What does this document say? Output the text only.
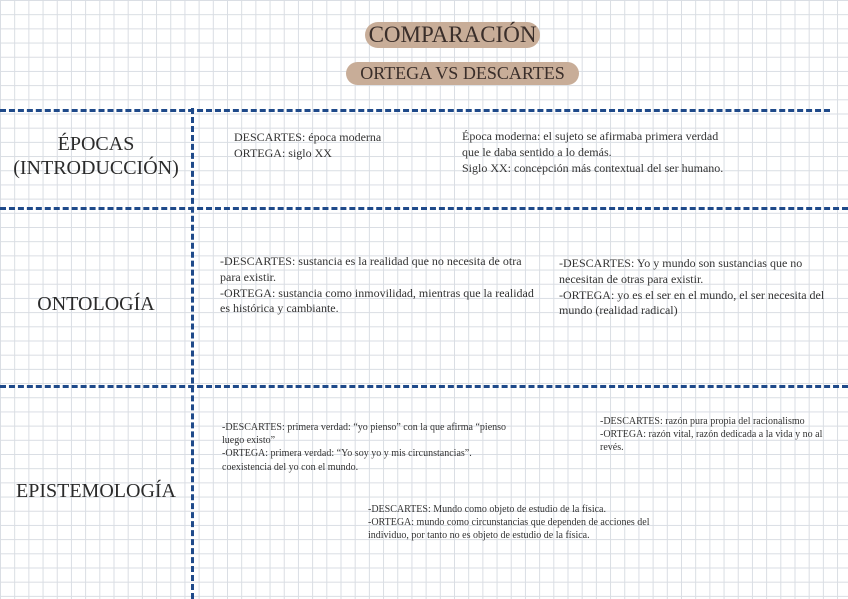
COMPARACIÓN
ORTEGA VS DESCARTES
ÉPOCAS
(INTRODUCCIÓN)
DESCARTES: época moderna
ORTEGA: siglo XX
Época moderna: el sujeto se afirmaba primera verdad
que le daba sentido a lo demás.
Siglo XX: concepción más contextual del ser humano.
ONTOLOGÍA
-DESCARTES: sustancia es la realidad que no necesita de otra
para existir.
-ORTEGA: sustancia como inmovilidad, mientras que la realidad
es histórica y cambiante.
-DESCARTES: Yo y mundo son sustancias que no
necesitan de otras para existir.
-ORTEGA: yo es el ser en el mundo, el ser necesita del
mundo (realidad radical)
EPISTEMOLOGÍA
-DESCARTES: primera verdad: “yo pienso” con la que afirma “pienso
luego existo”
-ORTEGA: primera verdad: “Yo soy yo y mis circunstancias”.
coexistencia del yo con el mundo.
-DESCARTES: razón pura propia del racionalismo
-ORTEGA: razón vital, razón dedicada a la vida y no al
revés.
-DESCARTES: Mundo como objeto de estudio de la física.
-ORTEGA: mundo como circunstancias que dependen de acciones del
individuo, por tanto no es objeto de estudio de la física.
